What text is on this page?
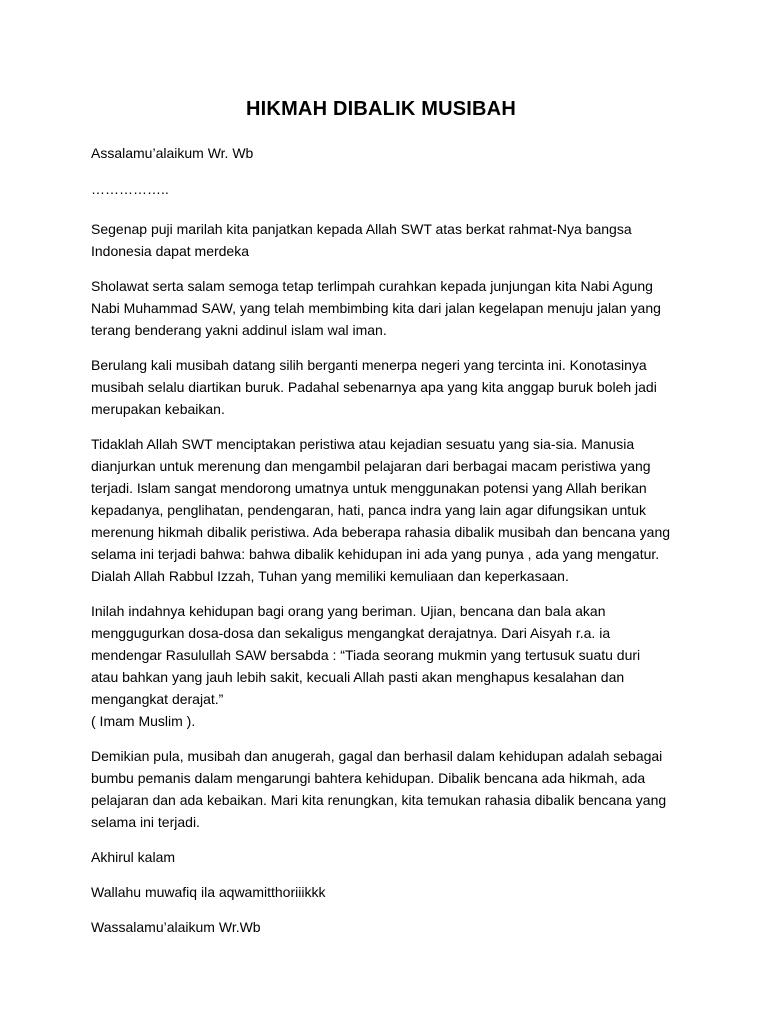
HIKMAH DIBALIK MUSIBAH

Assalamu’alaikum Wr. Wb

……………..

Segenap puji marilah kita panjatkan kepada Allah SWT atas berkat rahmat-Nya bangsa Indonesia dapat merdeka

Sholawat serta salam semoga tetap terlimpah curahkan kepada junjungan kita Nabi Agung Nabi Muhammad SAW, yang telah membimbing kita dari jalan kegelapan menuju jalan yang terang benderang yakni addinul islam wal iman.

Berulang kali musibah datang silih berganti menerpa negeri yang tercinta ini. Konotasinya musibah selalu diartikan buruk. Padahal sebenarnya apa yang kita anggap buruk boleh jadi merupakan kebaikan.

Tidaklah Allah SWT menciptakan peristiwa atau kejadian sesuatu yang sia-sia. Manusia dianjurkan untuk merenung dan mengambil pelajaran dari berbagai macam peristiwa yang terjadi. Islam sangat mendorong umatnya untuk menggunakan potensi yang Allah berikan kepadanya, penglihatan, pendengaran, hati, panca indra yang lain agar difungsikan untuk merenung hikmah dibalik peristiwa. Ada beberapa rahasia dibalik musibah dan bencana yang selama ini terjadi bahwa: bahwa dibalik kehidupan ini ada yang punya , ada yang mengatur. Dialah Allah Rabbul Izzah, Tuhan yang memiliki kemuliaan dan keperkasaan.

Inilah indahnya kehidupan bagi orang yang beriman. Ujian, bencana dan bala akan menggugurkan dosa-dosa dan sekaligus mengangkat derajatnya. Dari Aisyah r.a. ia mendengar Rasulullah SAW bersabda : “Tiada seorang mukmin yang tertusuk suatu duri atau bahkan yang jauh lebih sakit, kecuali Allah pasti akan menghapus kesalahan dan mengangkat derajat.”
( Imam Muslim ).

Demikian pula, musibah dan anugerah, gagal dan berhasil dalam kehidupan adalah sebagai bumbu pemanis dalam mengarungi bahtera kehidupan. Dibalik bencana ada hikmah, ada pelajaran dan ada kebaikan. Mari kita renungkan, kita temukan rahasia dibalik bencana yang selama ini terjadi.

Akhirul kalam

Wallahu muwafiq ila aqwamitthoriiikkk

Wassalamu’alaikum Wr.Wb
